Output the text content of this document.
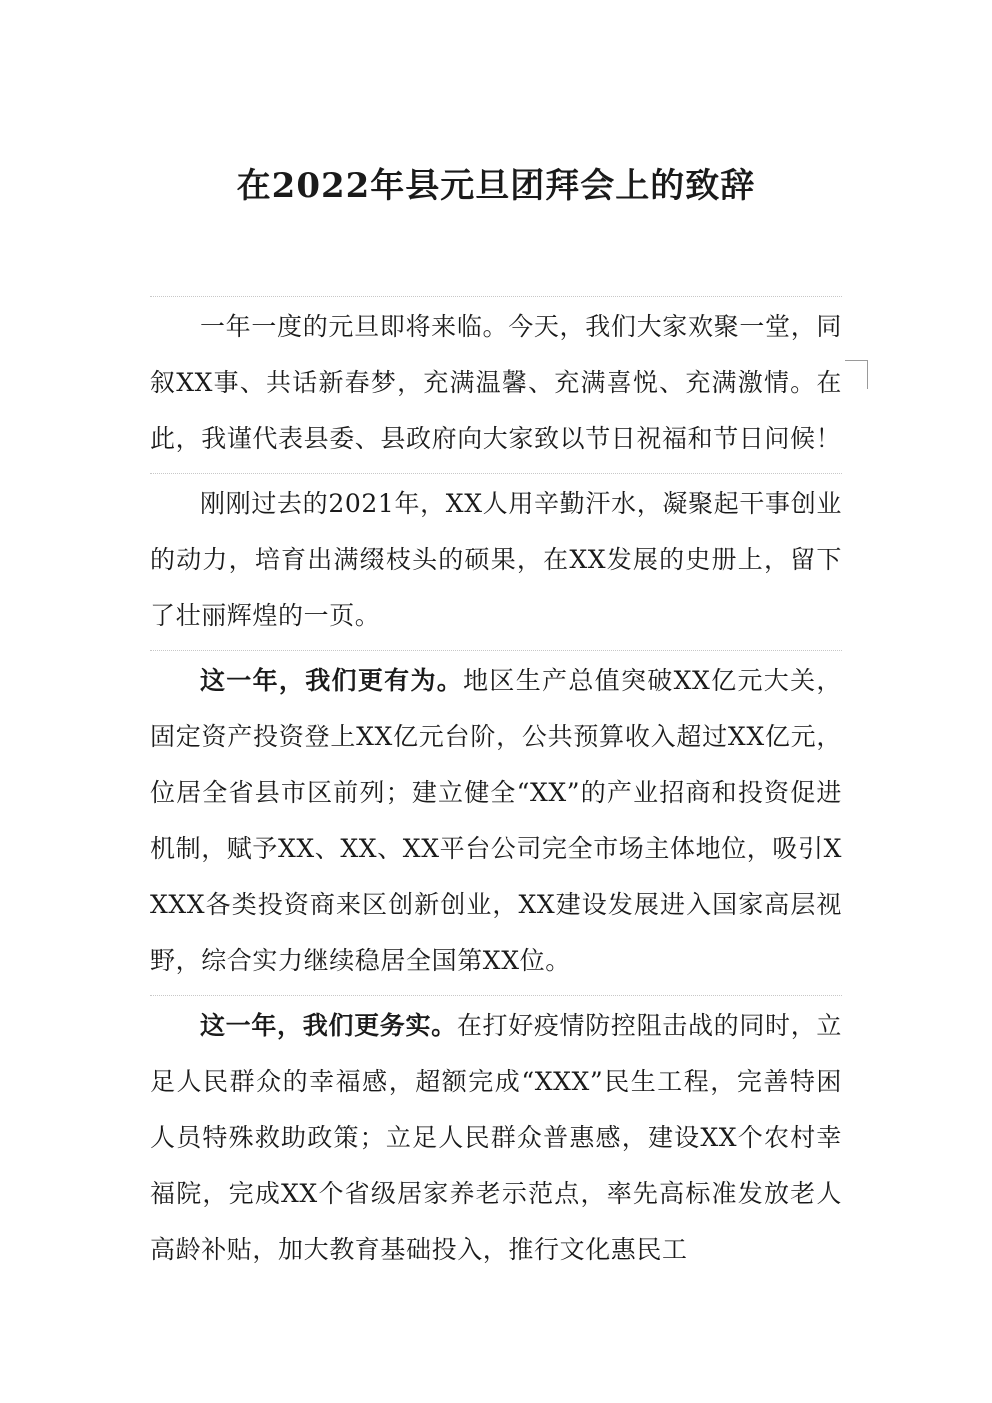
在2022年县元旦团拜会上的致辞
一年一度的元旦即将来临。今天，我们大家欢聚一堂，同叙XX事、共话新春梦，充满温馨、充满喜悦、充满激情。在此，我谨代表县委、县政府向大家致以节日祝福和节日问候！
刚刚过去的2021年，XX人用辛勤汗水，凝聚起干事创业的动力，培育出满缀枝头的硕果，在XX发展的史册上，留下了壮丽辉煌的一页。
这一年，我们更有为。地区生产总值突破XX亿元大关，固定资产投资登上XX亿元台阶，公共预算收入超过XX亿元，位居全省县市区前列；建立健全“XX”的产业招商和投资促进机制，赋予XX、XX、XX平台公司完全市场主体地位，吸引XXXX各类投资商来区创新创业，XX建设发展进入国家高层视野，综合实力继续稳居全国第XX位。
这一年，我们更务实。在打好疫情防控阻击战的同时，立足人民群众的幸福感，超额完成“XXX”民生工程，完善特困人员特殊救助政策；立足人民群众普惠感，建设XX个农村幸福院，完成XX个省级居家养老示范点，率先高标准发放老人高龄补贴，加大教育基础投入，推行文化惠民工
